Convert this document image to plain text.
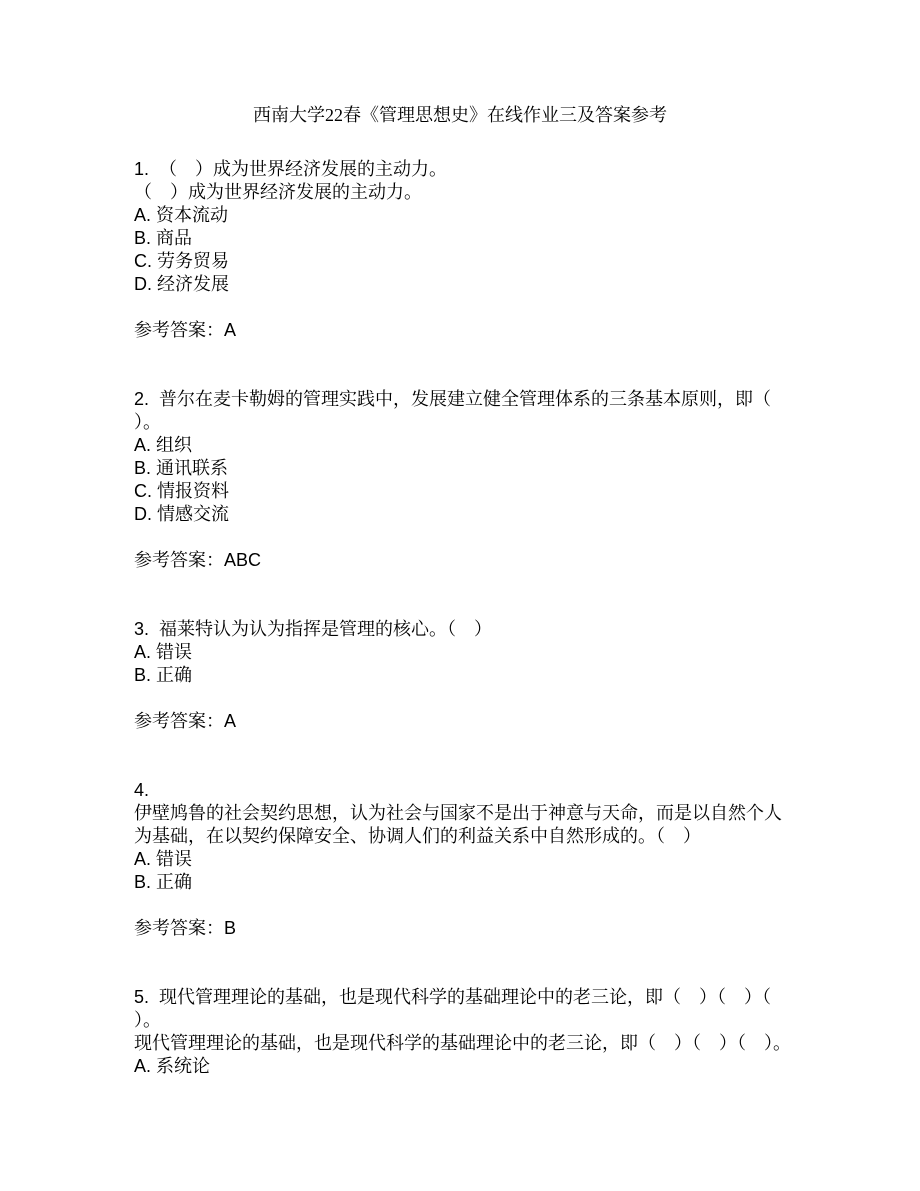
西南大学22春《管理思想史》在线作业三及答案参考
1.  （　）成为世界经济发展的主动力。
（　）成为世界经济发展的主动力。
A. 资本流动
B. 商品
C. 劳务贸易
D. 经济发展
参考答案：A
2.  普尔在麦卡勒姆的管理实践中，发展建立健全管理体系的三条基本原则，即（
）。
A. 组织
B. 通讯联系
C. 情报资料
D. 情感交流
参考答案：ABC
3.  福莱特认为认为指挥是管理的核心。（　）
A. 错误
B. 正确
参考答案：A
4.
伊壁鸠鲁的社会契约思想，认为社会与国家不是出于神意与天命，而是以自然个人
为基础，在以契约保障安全、协调人们的利益关系中自然形成的。（　）
A. 错误
B. 正确
参考答案：B
5.  现代管理理论的基础，也是现代科学的基础理论中的老三论，即（　）（　）（
）。
现代管理理论的基础，也是现代科学的基础理论中的老三论，即（　）（　）（　）。
A. 系统论
